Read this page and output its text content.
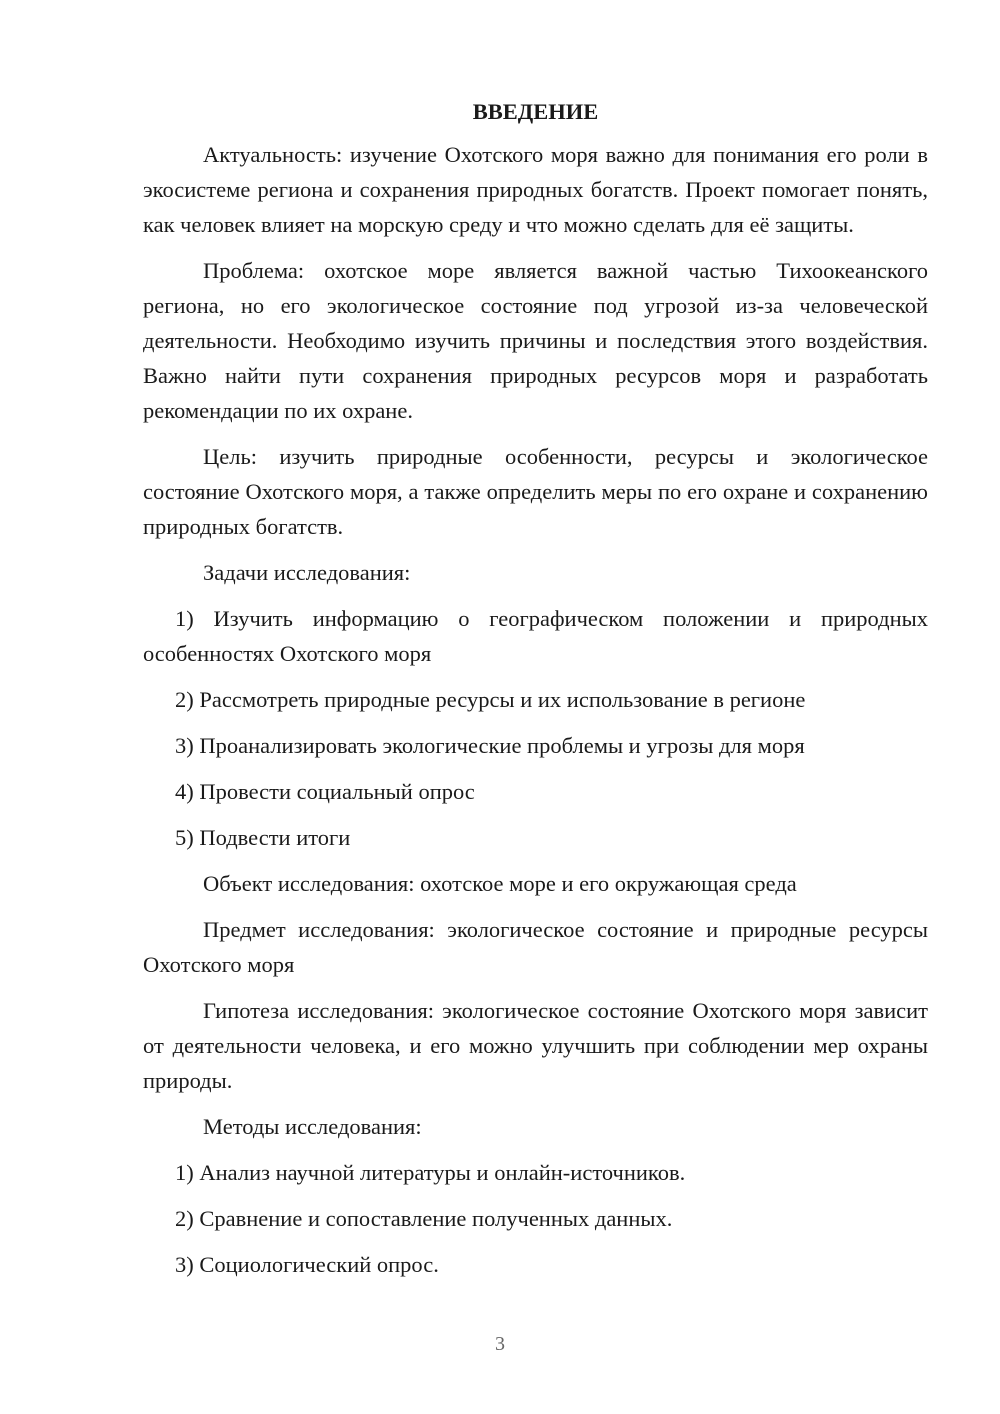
ВВЕДЕНИЕ

Актуальность: изучение Охотского моря важно для понимания его роли в экосистеме региона и сохранения природных богатств. Проект помогает понять, как человек влияет на морскую среду и что можно сделать для её защиты.

Проблема: охотское море является важной частью Тихоокеанского региона, но его экологическое состояние под угрозой из-за человеческой деятельности. Необходимо изучить причины и последствия этого воздействия. Важно найти пути сохранения природных ресурсов моря и разработать рекомендации по их охране.

Цель: изучить природные особенности, ресурсы и экологическое состояние Охотского моря, а также определить меры по его охране и сохранению природных богатств.

Задачи исследования:

1) Изучить информацию о географическом положении и природных особенностях Охотского моря

2) Рассмотреть природные ресурсы и их использование в регионе

3) Проанализировать экологические проблемы и угрозы для моря

4) Провести социальный опрос

5) Подвести итоги

Объект исследования: охотское море и его окружающая среда

Предмет исследования: экологическое состояние и природные ресурсы Охотского моря

Гипотеза исследования: экологическое состояние Охотского моря зависит от деятельности человека, и его можно улучшить при соблюдении мер охраны природы.

Методы исследования:

1) Анализ научной литературы и онлайн-источников.

2) Сравнение и сопоставление полученных данных.

3) Социологический опрос.

3
